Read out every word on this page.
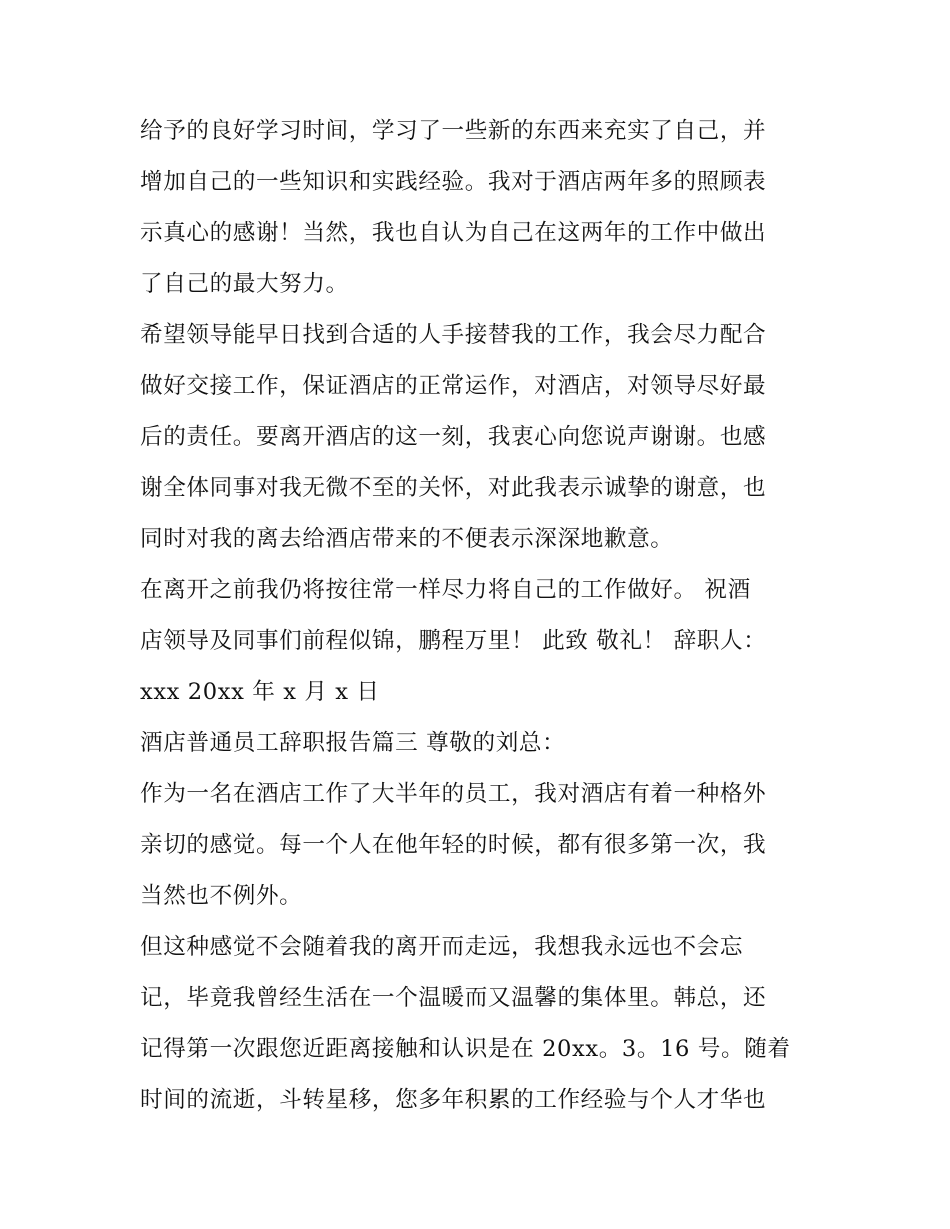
给予的良好学习时间，学习了一些新的东西来充实了自己，并
增加自己的一些知识和实践经验。我对于酒店两年多的照顾表
示真心的感谢！当然，我也自认为自己在这两年的工作中做出
了自己的最大努力。

希望领导能早日找到合适的人手接替我的工作，我会尽力配合
做好交接工作，保证酒店的正常运作，对酒店，对领导尽好最
后的责任。要离开酒店的这一刻，我衷心向您说声谢谢。也感
谢全体同事对我无微不至的关怀，对此我表示诚挚的谢意，也
同时对我的离去给酒店带来的不便表示深深地歉意。

在离开之前我仍将按往常一样尽力将自己的工作做好。 祝酒
店领导及同事们前程似锦，鹏程万里！ 此致 敬礼！ 辞职人：
xxx 20xx 年 x 月 x 日

酒店普通员工辞职报告篇三 尊敬的刘总：

作为一名在酒店工作了大半年的员工，我对酒店有着一种格外
亲切的感觉。每一个人在他年轻的时候，都有很多第一次，我
当然也不例外。

但这种感觉不会随着我的离开而走远，我想我永远也不会忘
记，毕竟我曾经生活在一个温暖而又温馨的集体里。韩总，还
记得第一次跟您近距离接触和认识是在 20xx。3。16 号。随着
时间的流逝，斗转星移，您多年积累的工作经验与个人才华也
